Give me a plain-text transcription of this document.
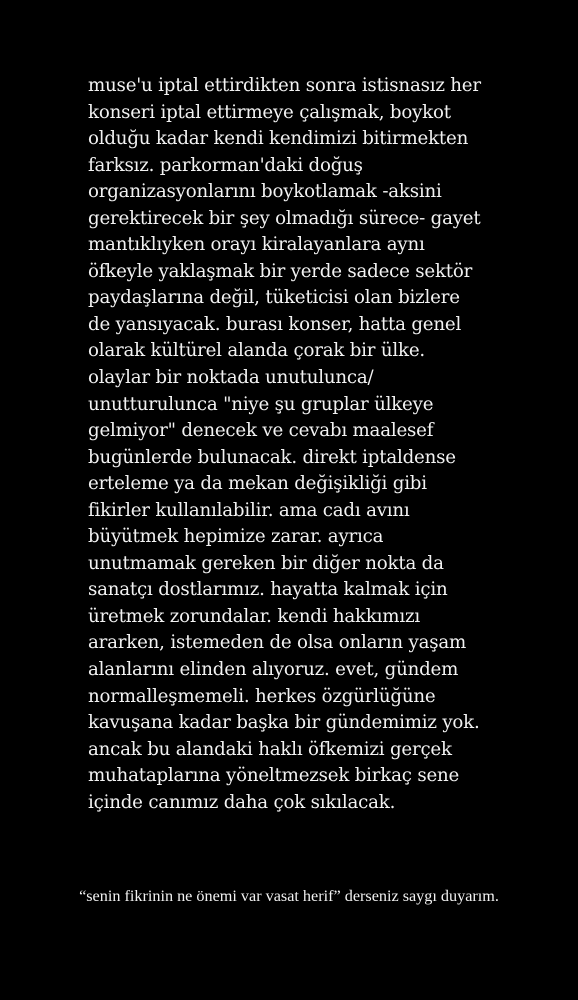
muse'u iptal ettirdikten sonra istisnasız her
konseri iptal ettirmeye çalışmak, boykot
olduğu kadar kendi kendimizi bitirmekten
farksız. parkorman'daki doğuş
organizasyonlarını boykotlamak -aksini
gerektirecek bir şey olmadığı sürece- gayet
mantıklıyken orayı kiralayanlara aynı
öfkeyle yaklaşmak bir yerde sadece sektör
paydaşlarına değil, tüketicisi olan bizlere
de yansıyacak. burası konser, hatta genel
olarak kültürel alanda çorak bir ülke.
olaylar bir noktada unutulunca/
unutturulunca "niye şu gruplar ülkeye
gelmiyor" denecek ve cevabı maalesef
bugünlerde bulunacak. direkt iptaldense
erteleme ya da mekan değişikliği gibi
fikirler kullanılabilir. ama cadı avını
büyütmek hepimize zarar. ayrıca
unutmamak gereken bir diğer nokta da
sanatçı dostlarımız. hayatta kalmak için
üretmek zorundalar. kendi hakkımızı
ararken, istemeden de olsa onların yaşam
alanlarını elinden alıyoruz. evet, gündem
normalleşmemeli. herkes özgürlüğüne
kavuşana kadar başka bir gündemimiz yok.
ancak bu alandaki haklı öfkemizi gerçek
muhataplarına yöneltmezsek birkaç sene
içinde canımız daha çok sıkılacak.
“senin fikrinin ne önemi var vasat herif” derseniz saygı duyarım.
